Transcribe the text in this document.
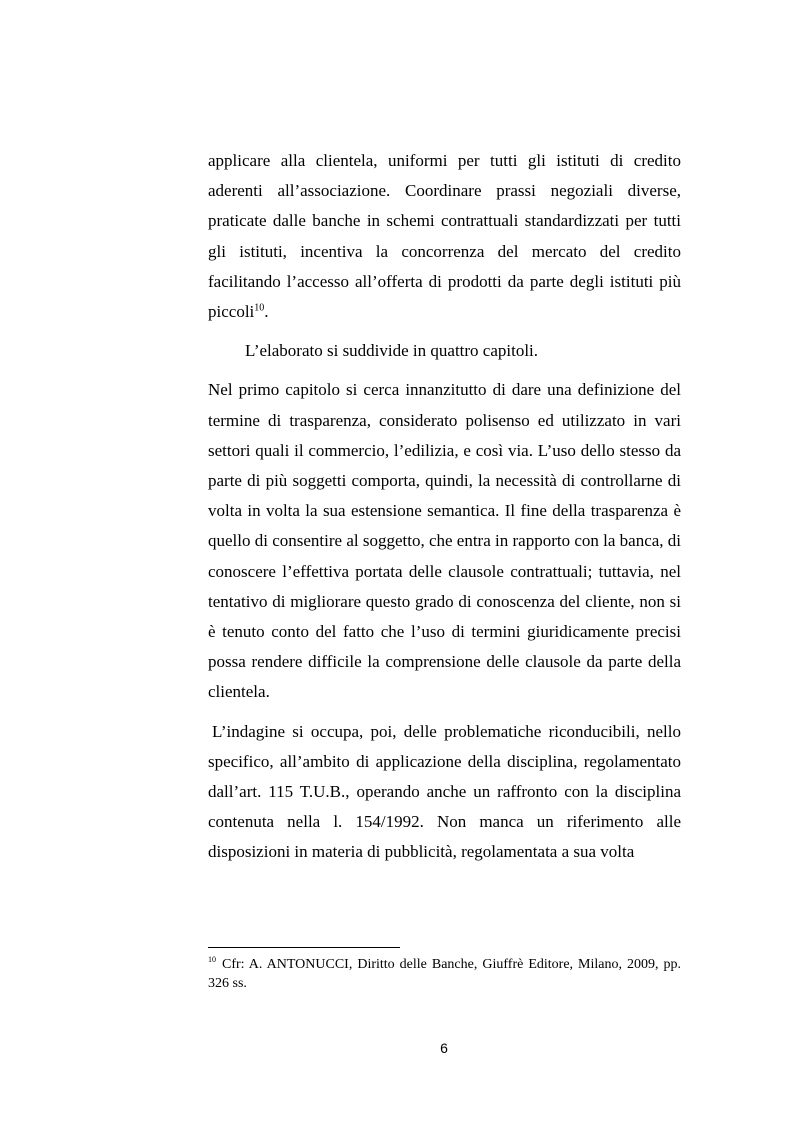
applicare alla clientela, uniformi per tutti gli istituti di credito aderenti all’associazione. Coordinare prassi negoziali diverse, praticate dalle banche in schemi contrattuali standardizzati per tutti gli istituti, incentiva la concorrenza del mercato del credito facilitando l’accesso all’offerta di prodotti da parte degli istituti più piccoli$^{10}$.

L’elaborato si suddivide in quattro capitoli.

Nel primo capitolo si cerca innanzitutto di dare una definizione del termine di trasparenza, considerato polisenso ed utilizzato in vari settori quali il commercio, l’edilizia, e così via. L’uso dello stesso da parte di più soggetti comporta, quindi, la necessità di controllarne di volta in volta la sua estensione semantica. Il fine della trasparenza è quello di consentire al soggetto, che entra in rapporto con la banca, di conoscere l’effettiva portata delle clausole contrattuali; tuttavia, nel tentativo di migliorare questo grado di conoscenza del cliente, non si è tenuto conto del fatto che l’uso di termini giuridicamente precisi possa rendere difficile la comprensione delle clausole da parte della clientela.

L’indagine si occupa, poi, delle problematiche riconducibili, nello specifico, all’ambito di applicazione della disciplina, regolamentato dall’art. 115 T.U.B., operando anche un raffronto con la disciplina contenuta nella l. 154/1992. Non manca un riferimento alle disposizioni in materia di pubblicità, regolamentata a sua volta

$^{10}$ Cfr: A. ANTONUCCI, Diritto delle Banche, Giuffrè Editore, Milano, 2009, pp. 326 ss.

6
